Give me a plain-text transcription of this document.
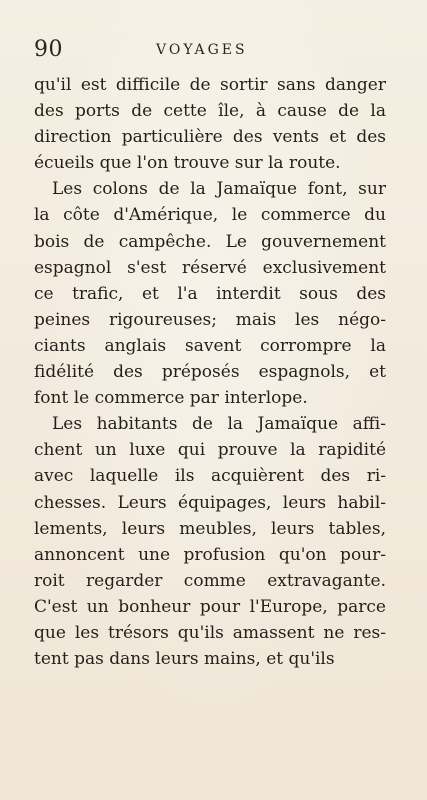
90	VOYAGES
qu'il est difficile de sortir sans danger
des ports de cette île, à cause de la
direction particulière des vents et des
écueils que l'on trouve sur la route.
Les colons de la Jamaïque font, sur
la côte d'Amérique, le commerce du
bois de campêche. Le gouvernement
espagnol s'est réservé exclusivement
ce trafic, et l'a interdit sous des
peines rigoureuses; mais les négo-
ciants anglais savent corrompre la
fidélité des préposés espagnols, et
font le commerce par interlope.
Les habitants de la Jamaïque affi-
chent un luxe qui prouve la rapidité
avec laquelle ils acquièrent des ri-
chesses. Leurs équipages, leurs habil-
lements, leurs meubles, leurs tables,
annoncent une profusion qu'on pour-
roit regarder comme extravagante.
C'est un bonheur pour l'Europe, parce
que les trésors qu'ils amassent ne res-
tent pas dans leurs mains, et qu'ils
